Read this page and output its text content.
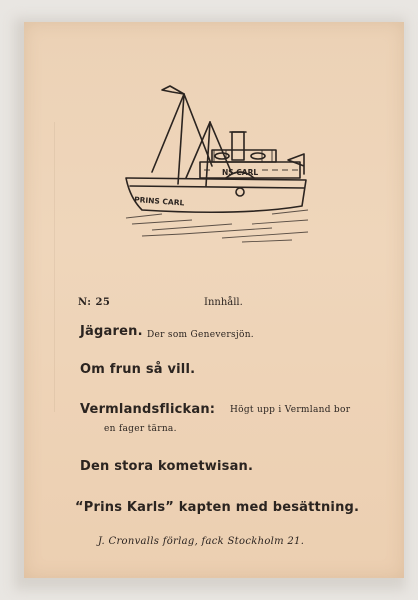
PRINS CARL
NS CARL
N: 25	Innhåll.
Jägaren. Der som Geneversjön.
Om frun så vill.
Vermlandsflickan: Högt upp i Vermland bor
en fager tärna.
Den stora kometwisan.
“Prins Karls” kapten med besättning.
J. Cronvalls förlag, fack Stockholm 21.
